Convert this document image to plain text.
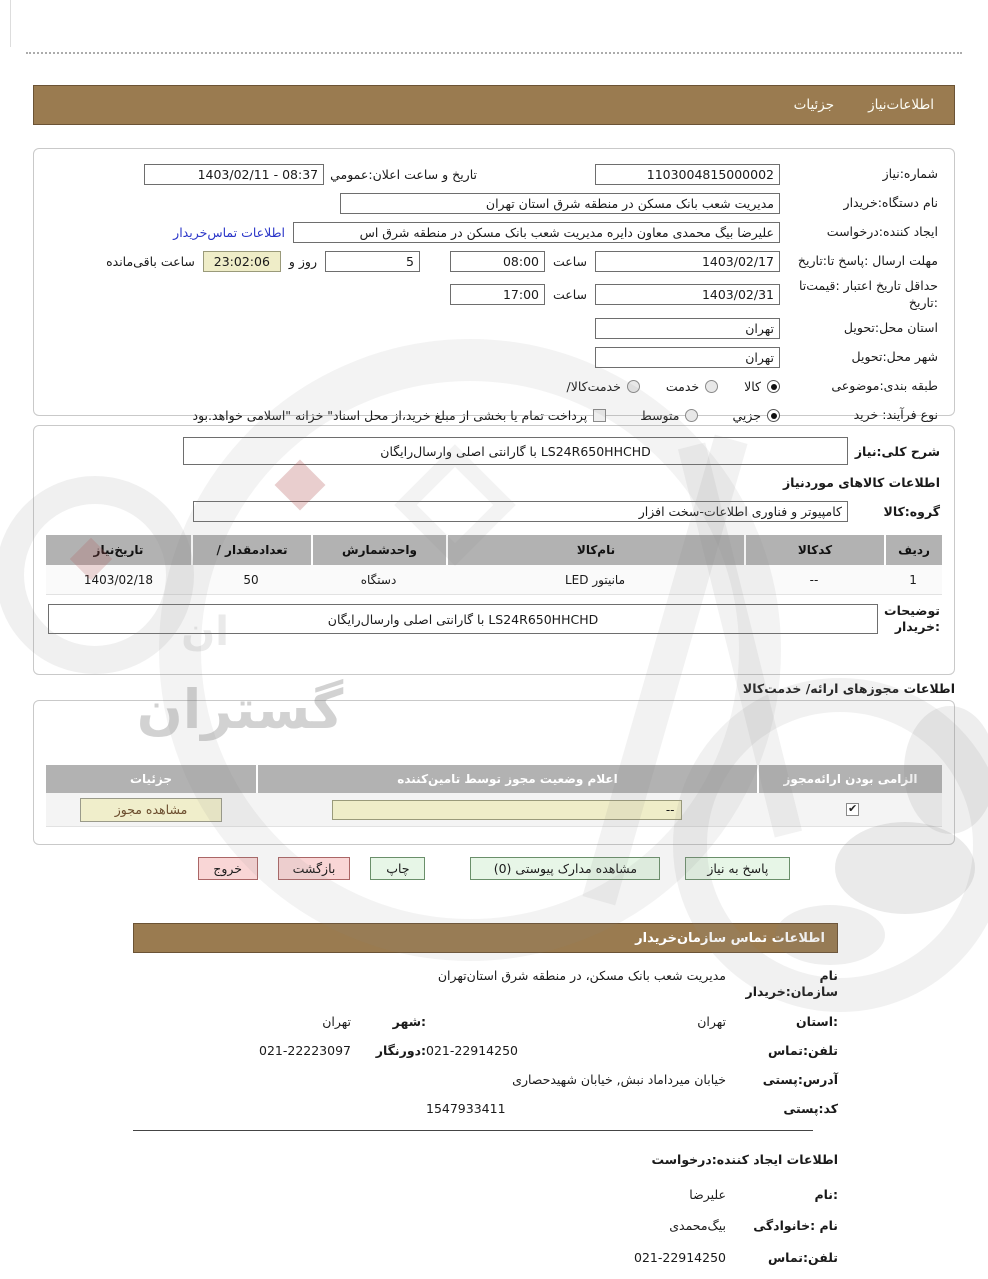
اطلاعات‌نیاز
جزئیات
شماره:نیاز
1103004815000002
تاریخ و ساعت اعلان:عمومي
1403/02/11 - 08:37
نام دستگاه:خریدار
مدیریت شعب بانک مسکن در منطقه شرق استان تهران
ایجاد کننده:درخواست
علیرضا بیگ محمدی معاون دایره مدیریت شعب بانک مسکن در منطقه شرق اس
اطلاعات تماس‌خریدار
مهلت ارسال :پاسخ تا:تاریخ
1403/02/17
ساعت
08:00
5
روز و
23:02:06
ساعت باقی‌مانده
حداقل تاریخ اعتبار :قیمت‌تا :تاریخ
1403/02/31
ساعت
17:00
استان محل:تحویل
تهران
شهر محل:تحویل
تهران
طبقه بندی:موضوعی
کالا
خدمت
خدمت‌کالا/
نوع فرآیند: خرید
جزیي
متوسط
پرداخت تمام یا بخشی از مبلغ خرید،از محل اسناد" خزانه "اسلامی خواهد.بود
شرح کلی:نیاز
LS24R650HHCHD با گارانتی اصلی وارسال‌رایگان
اطلاعات کالاهای موردنیاز
گروه:کالا
کامپیوتر و فناوری اطلاعات-سخت افزار
ردیف
کدکالا
نام‌کالا
واحدشمارش
تعدادمقدار /
تاریخ‌نیاز
1
--
مانیتور LED
دستگاه
50
1403/02/18
توضیحات :خریدار
LS24R650HHCHD با گارانتی اصلی وارسال‌رایگان
اطلاعات مجوزهای ارائه/ خدمت‌کالا
الزامی بودن ارائه‌مجوز
اعلام وضعیت مجوز توسط تامین‌کننده
جزئیات
✔
--
مشاهده مجوز
پاسخ به نیاز
مشاهده مدارک پیوستی (0)
چاپ
بازگشت
خروج
اطلاعات تماس سازمان‌خریدار
نام سازمان:خریدار
مدیریت شعب بانک مسکن، در منطقه شرق استان‌تهران
:استان
تهران
:شهر
تهران
تلفن:تماس
021-22914250
:دورنگار
021-22223097
آدرس:پستی
خیابان میرداماد نبش, خیابان شهیدحصاری
کد:پستی
1547933411
اطلاعات ایجاد کننده:درخواست
:نام
علیرضا
نام :خانوادگی
بیگ‌محمدی
تلفن:تماس
021-22914250
گستران
